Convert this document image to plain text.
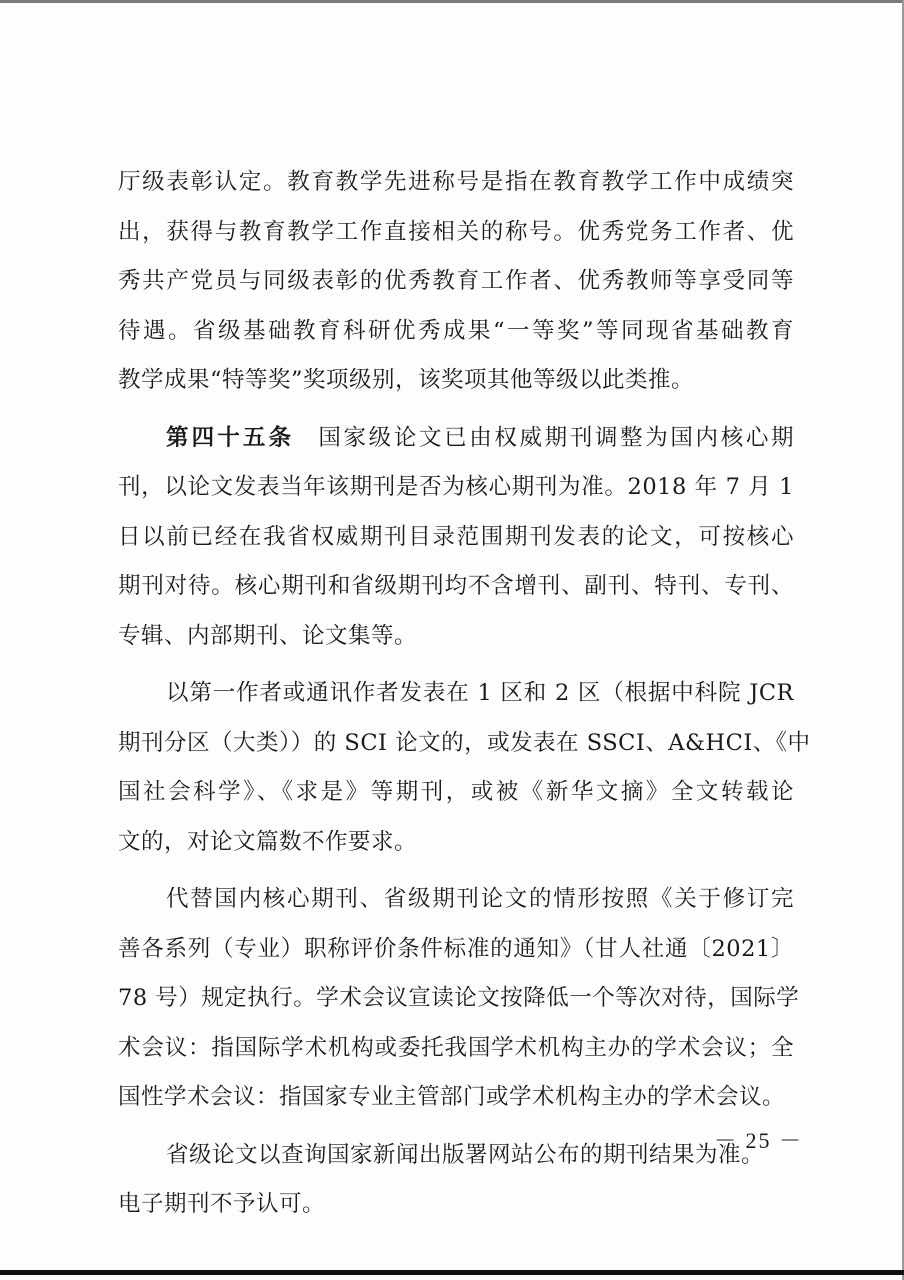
厅级表彰认定。教育教学先进称号是指在教育教学工作中成绩突
出，获得与教育教学工作直接相关的称号。优秀党务工作者、优
秀共产党员与同级表彰的优秀教育工作者、优秀教师等享受同等
待遇。省级基础教育科研优秀成果“一等奖”等同现省基础教育
教学成果“特等奖”奖项级别，该奖项其他等级以此类推。
第四十五条 国家级论文已由权威期刊调整为国内核心期
刊，以论文发表当年该期刊是否为核心期刊为准。2018 年 7 月 1
日以前已经在我省权威期刊目录范围期刊发表的论文，可按核心
期刊对待。核心期刊和省级期刊均不含增刊、副刊、特刊、专刊、
专辑、内部期刊、论文集等。
以第一作者或通讯作者发表在 1 区和 2 区（根据中科院 JCR
期刊分区（大类））的 SCI 论文的，或发表在 SSCI、A&HCI、《中
国社会科学》、《求是》等期刊，或被《新华文摘》全文转载论
文的，对论文篇数不作要求。
代替国内核心期刊、省级期刊论文的情形按照《关于修订完
善各系列（专业）职称评价条件标准的通知》（甘人社通〔2021〕
78 号）规定执行。学术会议宣读论文按降低一个等次对待，国际学
术会议：指国际学术机构或委托我国学术机构主办的学术会议；全
国性学术会议：指国家专业主管部门或学术机构主办的学术会议。
省级论文以查询国家新闻出版署网站公布的期刊结果为准。
电子期刊不予认可。
－ 25 －
